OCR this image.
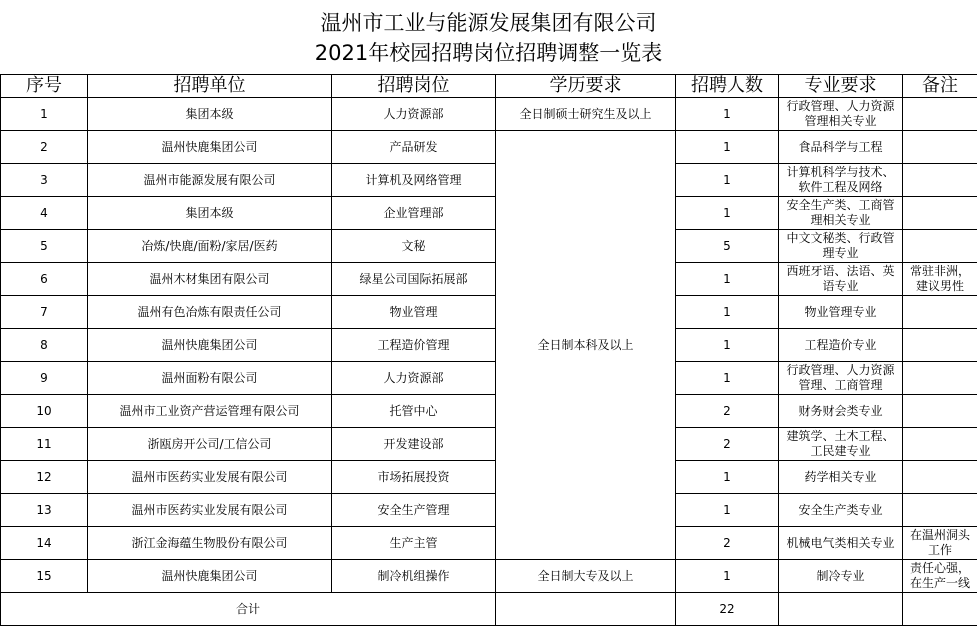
温州市工业与能源发展集团有限公司
2021年校园招聘岗位招聘调整一览表
序号	招聘单位	招聘岗位	学历要求	招聘人数	专业要求	备注
1	集团本级	人力资源部	全日制硕士研究生及以上	1	行政管理、人力资源管理相关专业	
2	温州快鹿集团公司	产品研发	全日制本科及以上	1	食品科学与工程	
3	温州市能源发展有限公司	计算机及网络管理		1	计算机科学与技术、软件工程及网络	
4	集团本级	企业管理部		1	安全生产类、工商管理相关专业	
5	冶炼/快鹿/面粉/家居/医药	文秘		5	中文文秘类、行政管理专业	
6	温州木材集团有限公司	绿星公司国际拓展部		1	西班牙语、法语、英语专业	常驻非洲，建议男性
7	温州有色冶炼有限责任公司	物业管理		1	物业管理专业	
8	温州快鹿集团公司	工程造价管理		1	工程造价专业	
9	温州面粉有限公司	人力资源部		1	行政管理、人力资源管理、工商管理	
10	温州市工业资产营运管理有限公司	托管中心		2	财务财会类专业	
11	浙瓯房开公司/工信公司	开发建设部		2	建筑学、土木工程、工民建专业	
12	温州市医药实业发展有限公司	市场拓展投资		1	药学相关专业	
13	温州市医药实业发展有限公司	安全生产管理		1	安全生产类专业	
14	浙江金海蕴生物股份有限公司	生产主管		2	机械电气类相关专业	在温州洞头工作
15	温州快鹿集团公司	制冷机组操作	全日制大专及以上	1	制冷专业	责任心强，在生产一线
合计				22		
